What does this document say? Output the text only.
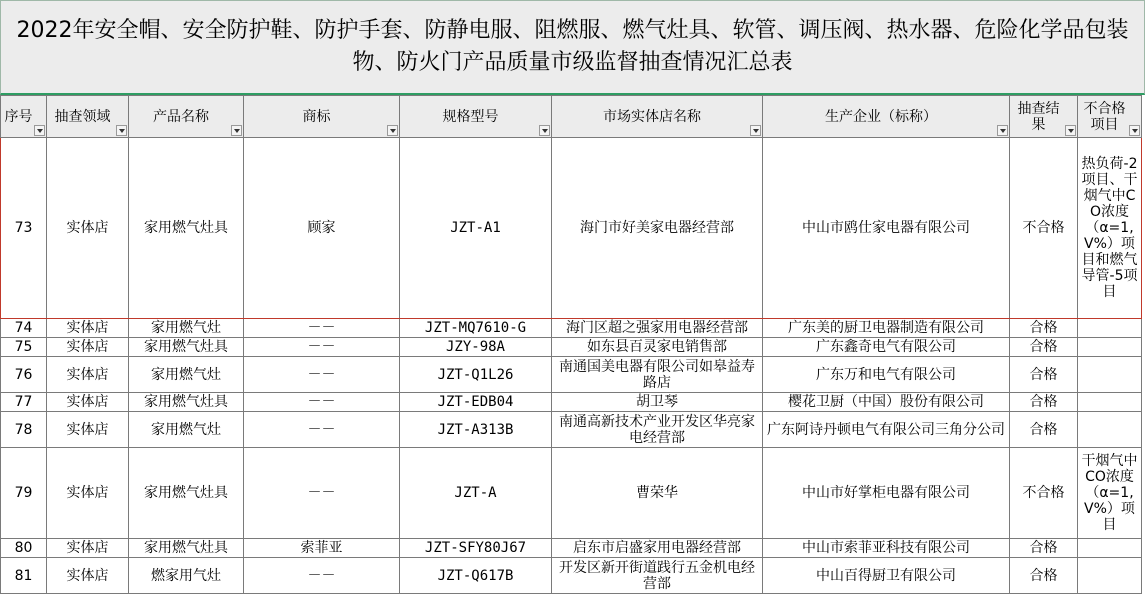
2022年安全帽、安全防护鞋、防护手套、防静电服、阻燃服、燃气灶具、软管、调压阀、热水器、危险化学品包装物、防火门产品质量市级监督抽查情况汇总表
序号	抽查领域	产品名称	商标	规格型号	市场实体店名称	生产企业（标称）	抽查结果	不合格项目

73	实体店	家用燃气灶具	顾家	JZT-A1	海门市好美家电器经营部	中山市鸥仕家电器有限公司	不合格	热负荷-2项目、干烟气中CO浓度（α=1,V%）项目和燃气导管-5项目
74	实体店	家用燃气灶	－－	JZT-MQ7610-G	海门区超之强家用电器经营部	广东美的厨卫电器制造有限公司	合格	
75	实体店	家用燃气灶具	－－	JZY-98A	如东县百灵家电销售部	广东鑫奇电气有限公司	合格	
76	实体店	家用燃气灶	－－	JZT-Q1L26	南通国美电器有限公司如皋益寿路店	广东万和电气有限公司	合格	
77	实体店	家用燃气灶具	－－	JZT-EDB04	胡卫琴	樱花卫厨（中国）股份有限公司	合格	
78	实体店	家用燃气灶	－－	JZT-A313B	南通高新技术产业开发区华亮家电经营部	广东阿诗丹顿电气有限公司三角分公司	合格	
79	实体店	家用燃气灶具	－－	JZT-A	曹荣华	中山市好掌柜电器有限公司	不合格	干烟气中CO浓度（α=1,V%）项目
80	实体店	家用燃气灶具	索菲亚	JZT-SFY80J67	启东市启盛家用电器经营部	中山市索菲亚科技有限公司	合格	
81	实体店	燃家用气灶	－－	JZT-Q617B	开发区新开街道践行五金机电经营部	中山百得厨卫有限公司	合格	
